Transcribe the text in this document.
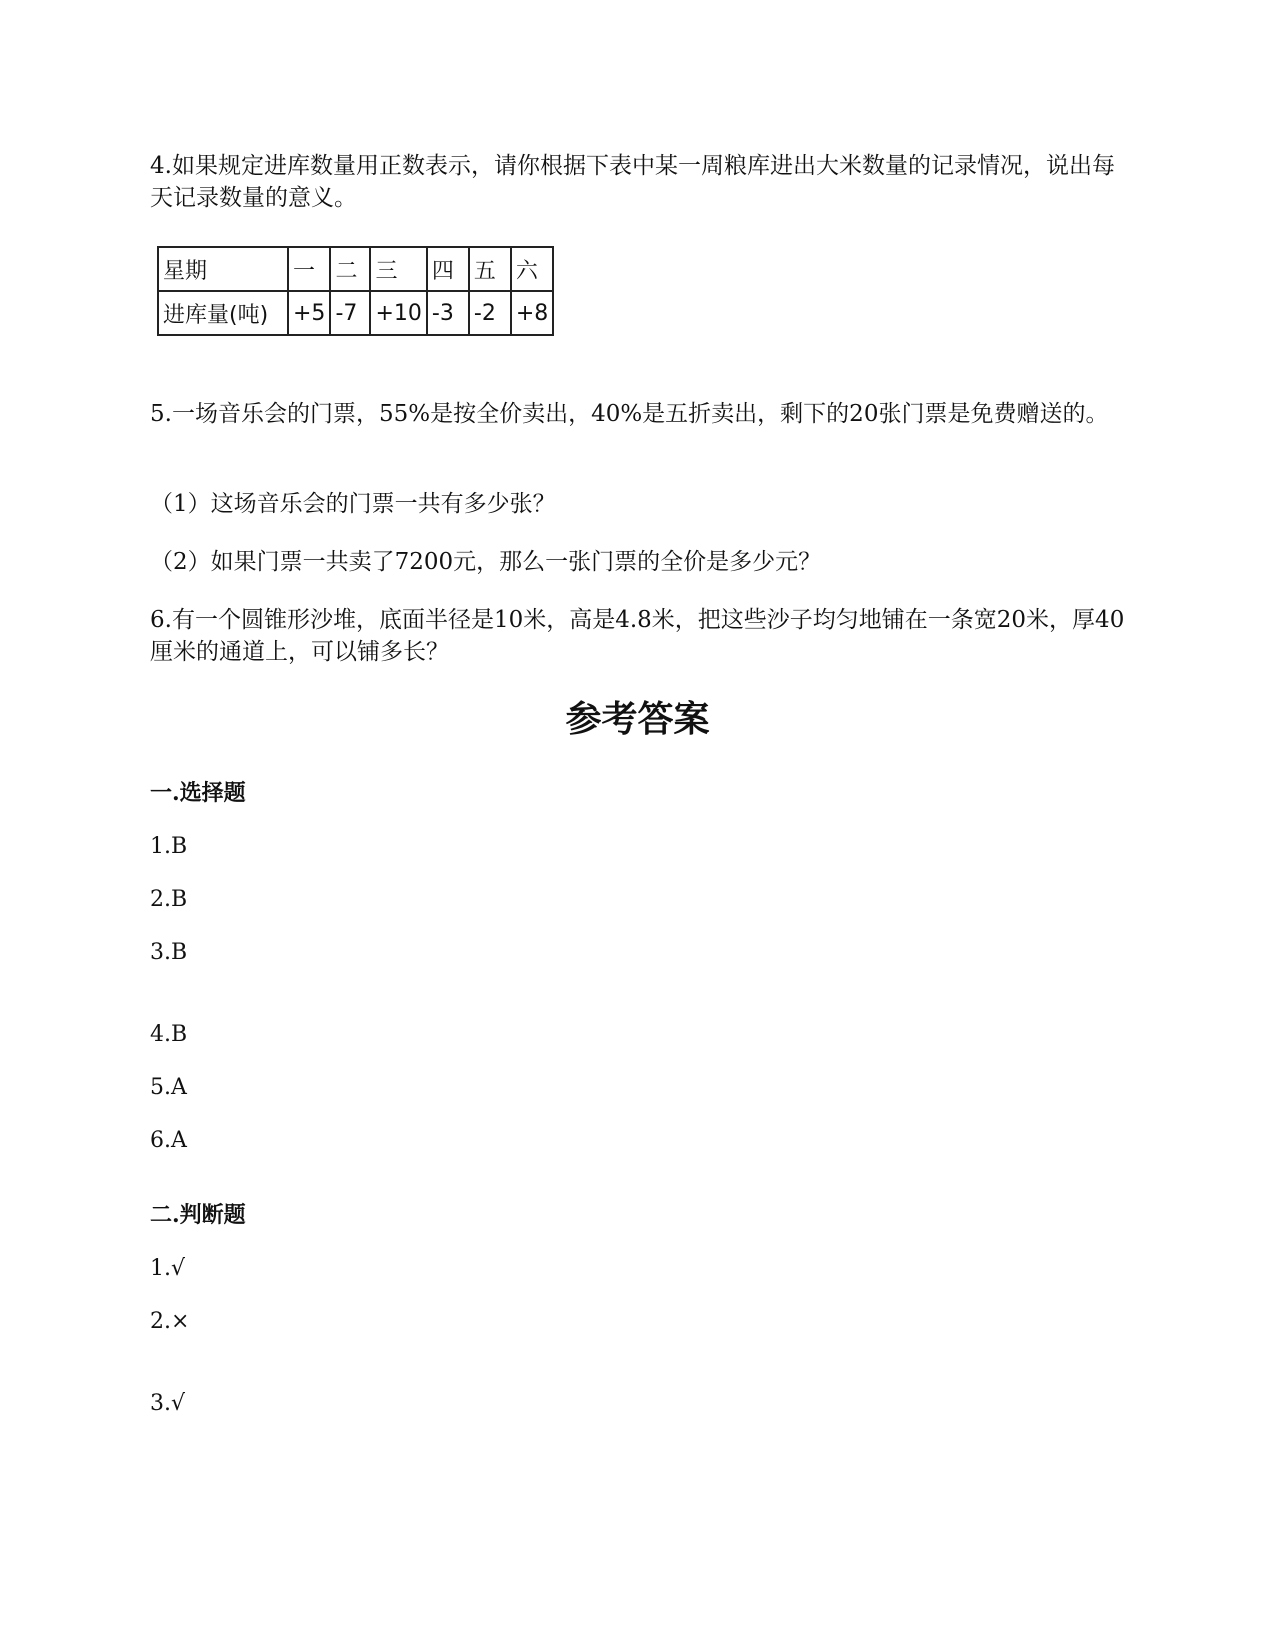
4.如果规定进库数量用正数表示，请你根据下表中某一周粮库进出大米数量的记录情况，说出每天记录数量的意义。
星期	一	二	三	四	五	六
进库量(吨)	+5	-7	+10	-3	-2	+8
5.一场音乐会的门票，55%是按全价卖出，40%是五折卖出，剩下的20张门票是免费赠送的。
（1）这场音乐会的门票一共有多少张？
（2）如果门票一共卖了7200元，那么一张门票的全价是多少元？
6.有一个圆锥形沙堆，底面半径是10米，高是4.8米，把这些沙子均匀地铺在一条宽20米，厚40厘米的通道上，可以铺多长？
参考答案
一.选择题
1.B
2.B
3.B
4.B
5.A
6.A
二.判断题
1.√
2.×
3.√
